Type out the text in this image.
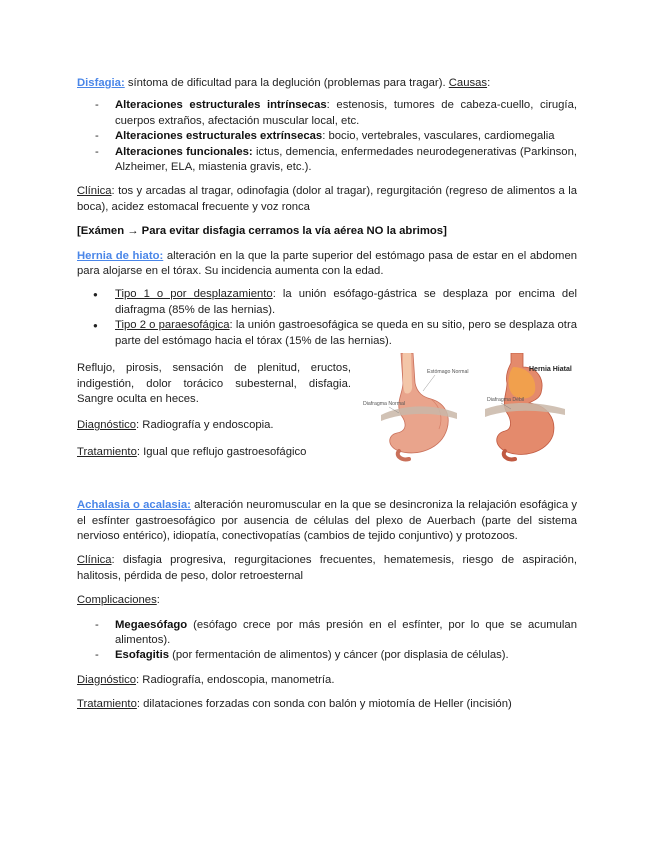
Disfagia: síntoma de dificultad para la deglución (problemas para tragar). Causas:

- Alteraciones estructurales intrínsecas: estenosis, tumores de cabeza-cuello, cirugía, cuerpos extraños, afectación muscular local, etc.
- Alteraciones estructurales extrínsecas: bocio, vertebrales, vasculares, cardiomegalia
- Alteraciones funcionales: ictus, demencia, enfermedades neurodegenerativas (Parkinson, Alzheimer, ELA, miastenia gravis, etc.).

Clínica: tos y arcadas al tragar, odinofagia (dolor al tragar), regurgitación (regreso de alimentos a la boca), acidez estomacal frecuente y voz ronca

[Exámen → Para evitar disfagia cerramos la vía aérea NO la abrimos]

Hernia de hiato: alteración en la que la parte superior del estómago pasa de estar en el abdomen para alojarse en el tórax. Su incidencia aumenta con la edad.

● Tipo 1 o por desplazamiento: la unión esófago-gástrica se desplaza por encima del diafragma (85% de las hernias).
● Tipo 2 o paraesofágica: la unión gastroesofágica se queda en su sitio, pero se desplaza otra parte del estómago hacia el tórax (15% de las hernias).

Reflujo, pirosis, sensación de plenitud, eructos, indigestión, dolor torácico subesternal, disfagia. Sangre oculta en heces.

Diagnóstico: Radiografía y endoscopia.

Tratamiento: Igual que reflujo gastroesofágico

Estómago Normal
Diafragma Normal
Hernia Hiatal
Diafragma Débil

Achalasia o acalasia: alteración neuromuscular en la que se desincroniza la relajación esofágica y el esfínter gastroesofágico por ausencia de células del plexo de Auerbach (parte del sistema nervioso entérico), idiopatía, conectivopatías (cambios de tejido conjuntivo) y protozoos.

Clínica: disfagia progresiva, regurgitaciones frecuentes, hematemesis, riesgo de aspiración, halitosis, pérdida de peso, dolor retroesternal

Complicaciones:

- Megaesófago (esófago crece por más presión en el esfínter, por lo que se acumulan alimentos).
- Esofagitis (por fermentación de alimentos) y cáncer (por displasia de células).

Diagnóstico: Radiografía, endoscopia, manometría.

Tratamiento: dilataciones forzadas con sonda con balón y miotomía de Heller (incisión)
